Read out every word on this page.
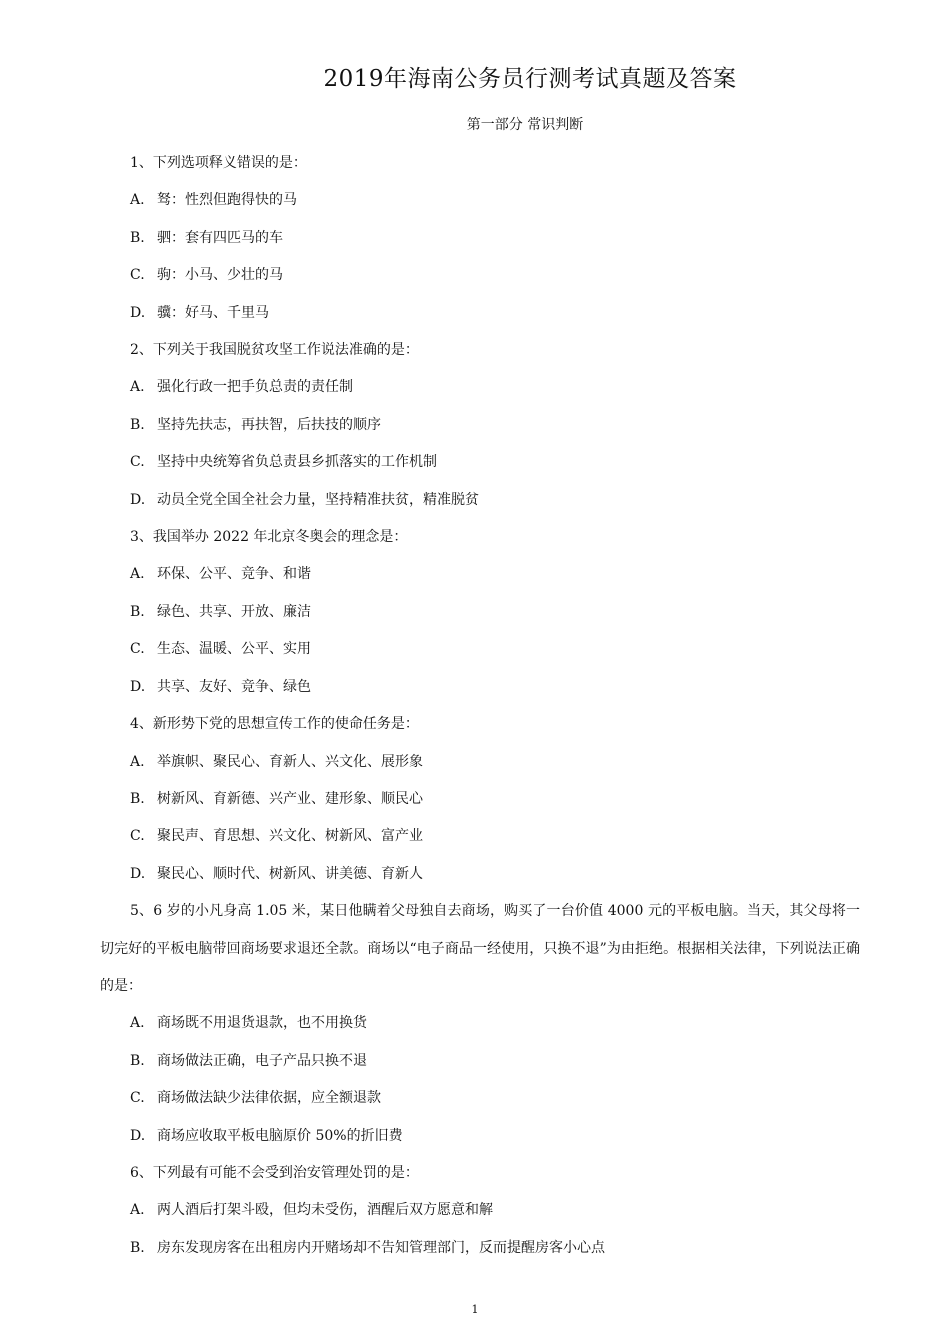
2019年海南公务员行测考试真题及答案
第一部分 常识判断

1、下列选项释义错误的是：

A. 驽：性烈但跑得快的马

B. 驷：套有四匹马的车

C. 驹：小马、少壮的马

D. 骥：好马、千里马

2、下列关于我国脱贫攻坚工作说法准确的是：

A. 强化行政一把手负总责的责任制

B. 坚持先扶志，再扶智，后扶技的顺序

C. 坚持中央统筹省负总责县乡抓落实的工作机制

D. 动员全党全国全社会力量，坚持精准扶贫，精准脱贫

3、我国举办 2022 年北京冬奥会的理念是：

A. 环保、公平、竞争、和谐

B. 绿色、共享、开放、廉洁

C. 生态、温暖、公平、实用

D. 共享、友好、竞争、绿色

4、新形势下党的思想宣传工作的使命任务是：

A. 举旗帜、聚民心、育新人、兴文化、展形象

B. 树新风、育新德、兴产业、建形象、顺民心

C. 聚民声、育思想、兴文化、树新风、富产业

D. 聚民心、顺时代、树新风、讲美德、育新人

5、6 岁的小凡身高 1.05 米，某日他瞒着父母独自去商场，购买了一台价值 4000 元的平板电脑。当天，其父母将一切完好的平板电脑带回商场要求退还全款。商场以“电子商品一经使用，只换不退”为由拒绝。根据相关法律，下列说法正确的是：

A. 商场既不用退货退款，也不用换货

B. 商场做法正确，电子产品只换不退

C. 商场做法缺少法律依据，应全额退款

D. 商场应收取平板电脑原价 50%的折旧费

6、下列最有可能不会受到治安管理处罚的是：

A. 两人酒后打架斗殴，但均未受伤，酒醒后双方愿意和解

B. 房东发现房客在出租房内开赌场却不告知管理部门，反而提醒房客小心点

1
